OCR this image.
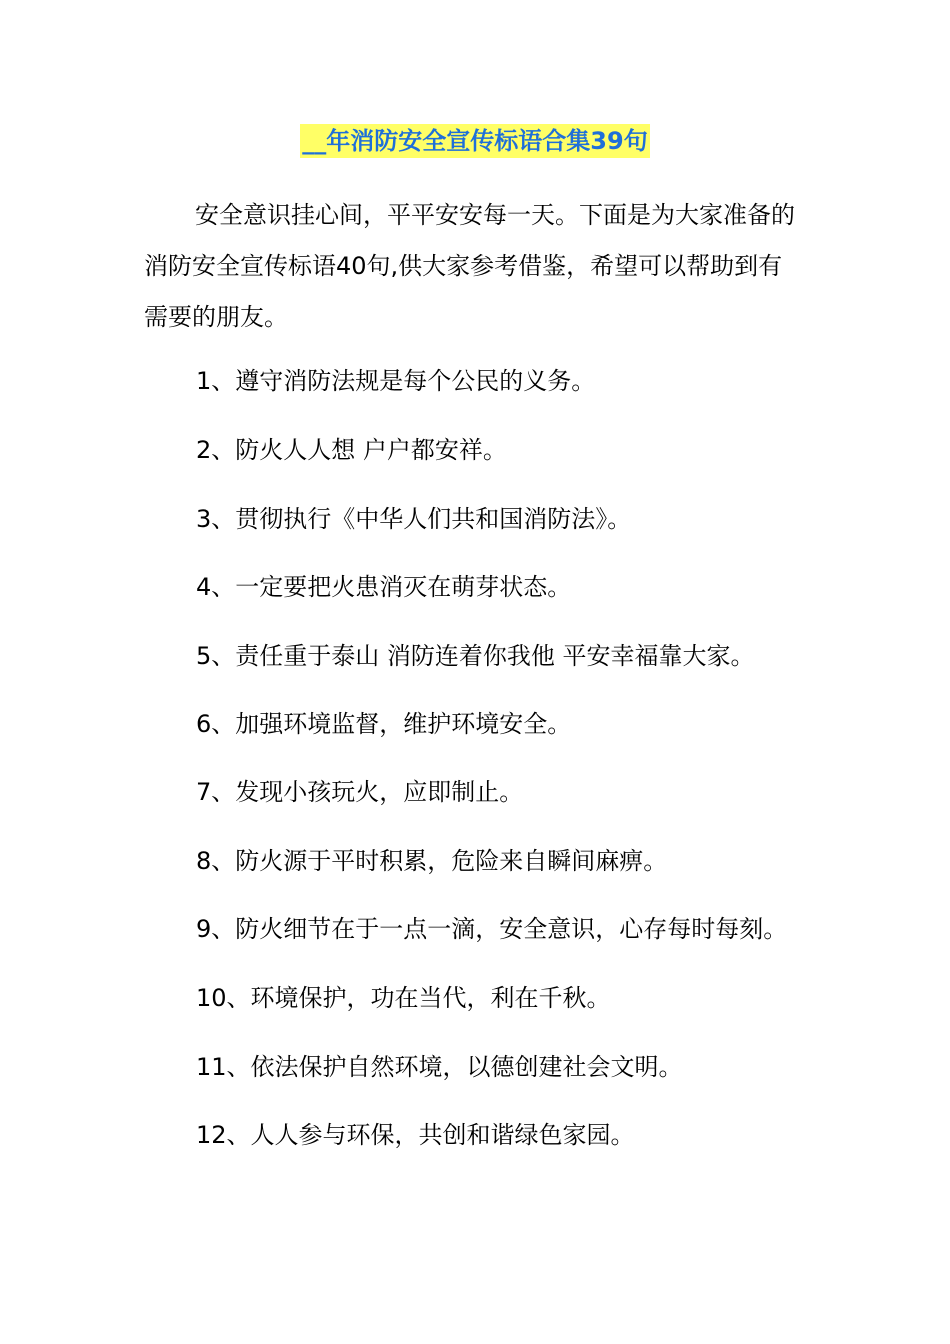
__年消防安全宣传标语合集39句

安全意识挂心间，平平安安每一天。下面是为大家准备的消防安全宣传标语40句,供大家参考借鉴，希望可以帮助到有需要的朋友。

1、遵守消防法规是每个公民的义务。

2、防火人人想 户户都安祥。

3、贯彻执行《中华人们共和国消防法》。

4、一定要把火患消灭在萌芽状态。

5、责任重于泰山 消防连着你我他 平安幸福靠大家。

6、加强环境监督，维护环境安全。

7、发现小孩玩火，应即制止。

8、防火源于平时积累，危险来自瞬间麻痹。

9、防火细节在于一点一滴，安全意识，心存每时每刻。

10、环境保护，功在当代，利在千秋。

11、依法保护自然环境，以德创建社会文明。

12、人人参与环保，共创和谐绿色家园。
